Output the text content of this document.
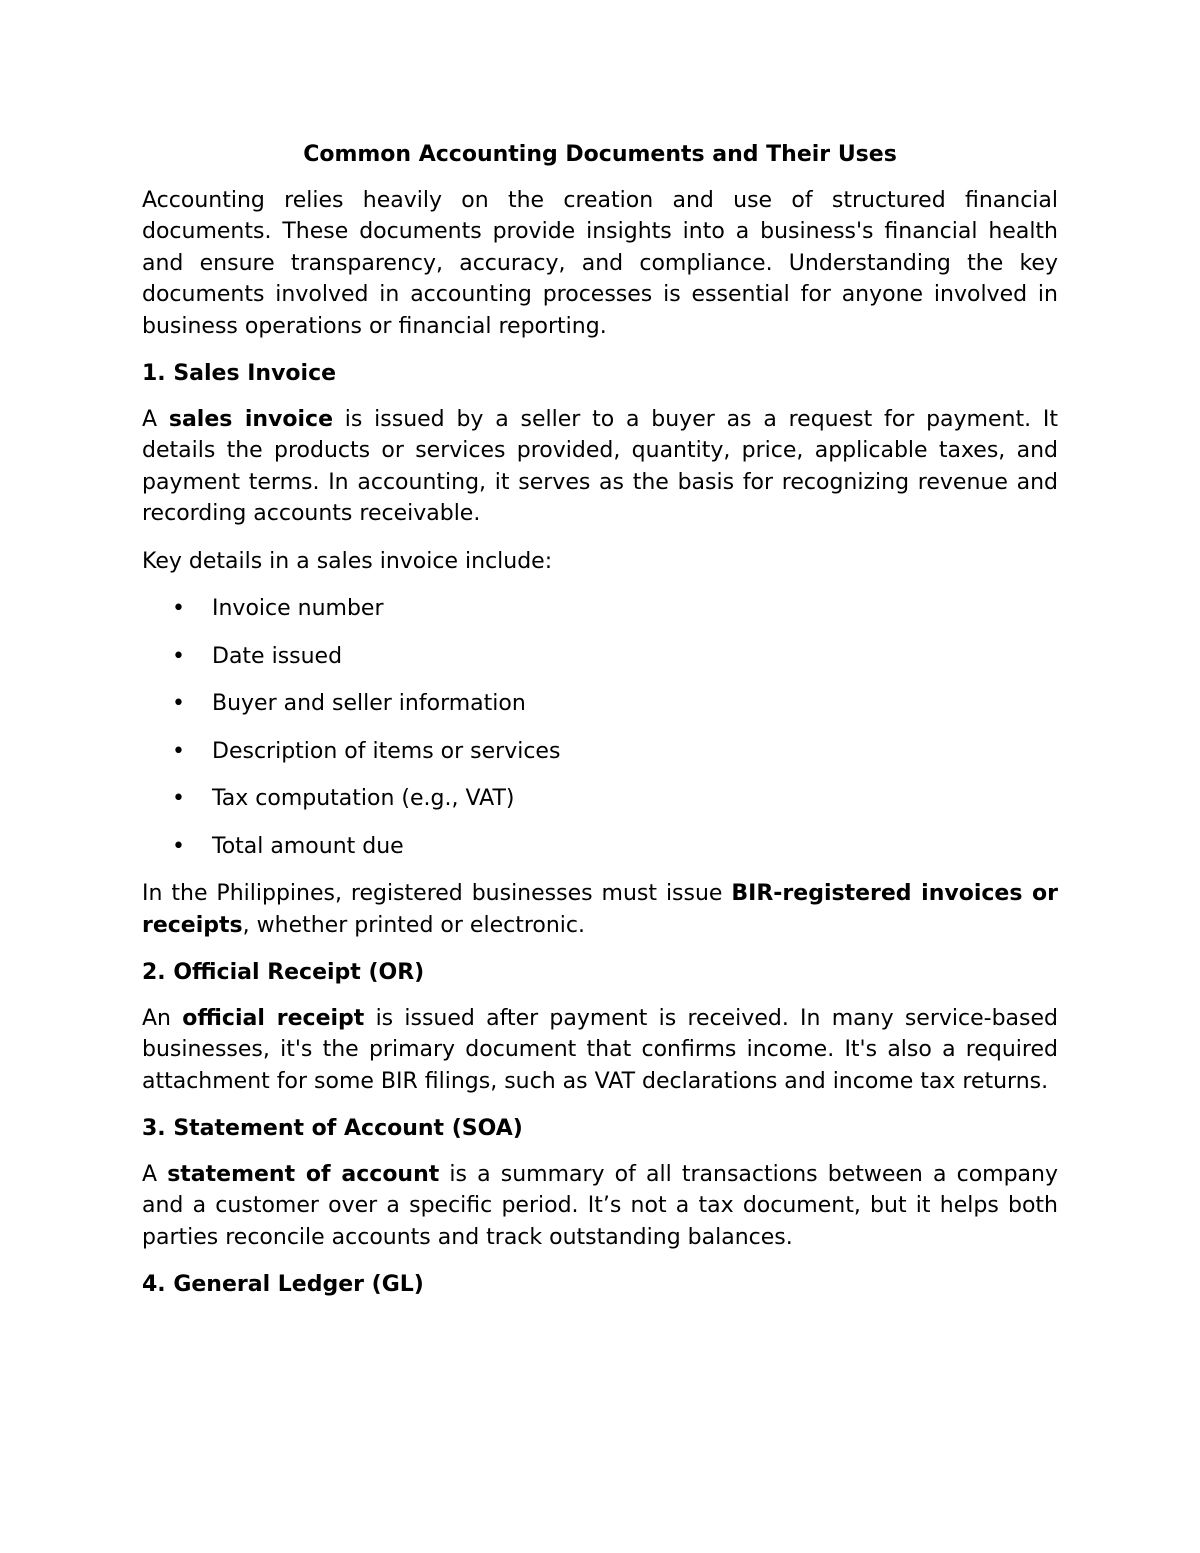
Common Accounting Documents and Their Uses

Accounting relies heavily on the creation and use of structured financial documents. These documents provide insights into a business's financial health and ensure transparency, accuracy, and compliance. Understanding the key documents involved in accounting processes is essential for anyone involved in business operations or financial reporting.

1. Sales Invoice

A sales invoice is issued by a seller to a buyer as a request for payment. It details the products or services provided, quantity, price, applicable taxes, and payment terms. In accounting, it serves as the basis for recognizing revenue and recording accounts receivable.

Key details in a sales invoice include:

• Invoice number
• Date issued
• Buyer and seller information
• Description of items or services
• Tax computation (e.g., VAT)
• Total amount due

In the Philippines, registered businesses must issue BIR-registered invoices or receipts, whether printed or electronic.

2. Official Receipt (OR)

An official receipt is issued after payment is received. In many service-based businesses, it's the primary document that confirms income. It's also a required attachment for some BIR filings, such as VAT declarations and income tax returns.

3. Statement of Account (SOA)

A statement of account is a summary of all transactions between a company and a customer over a specific period. It’s not a tax document, but it helps both parties reconcile accounts and track outstanding balances.

4. General Ledger (GL)
